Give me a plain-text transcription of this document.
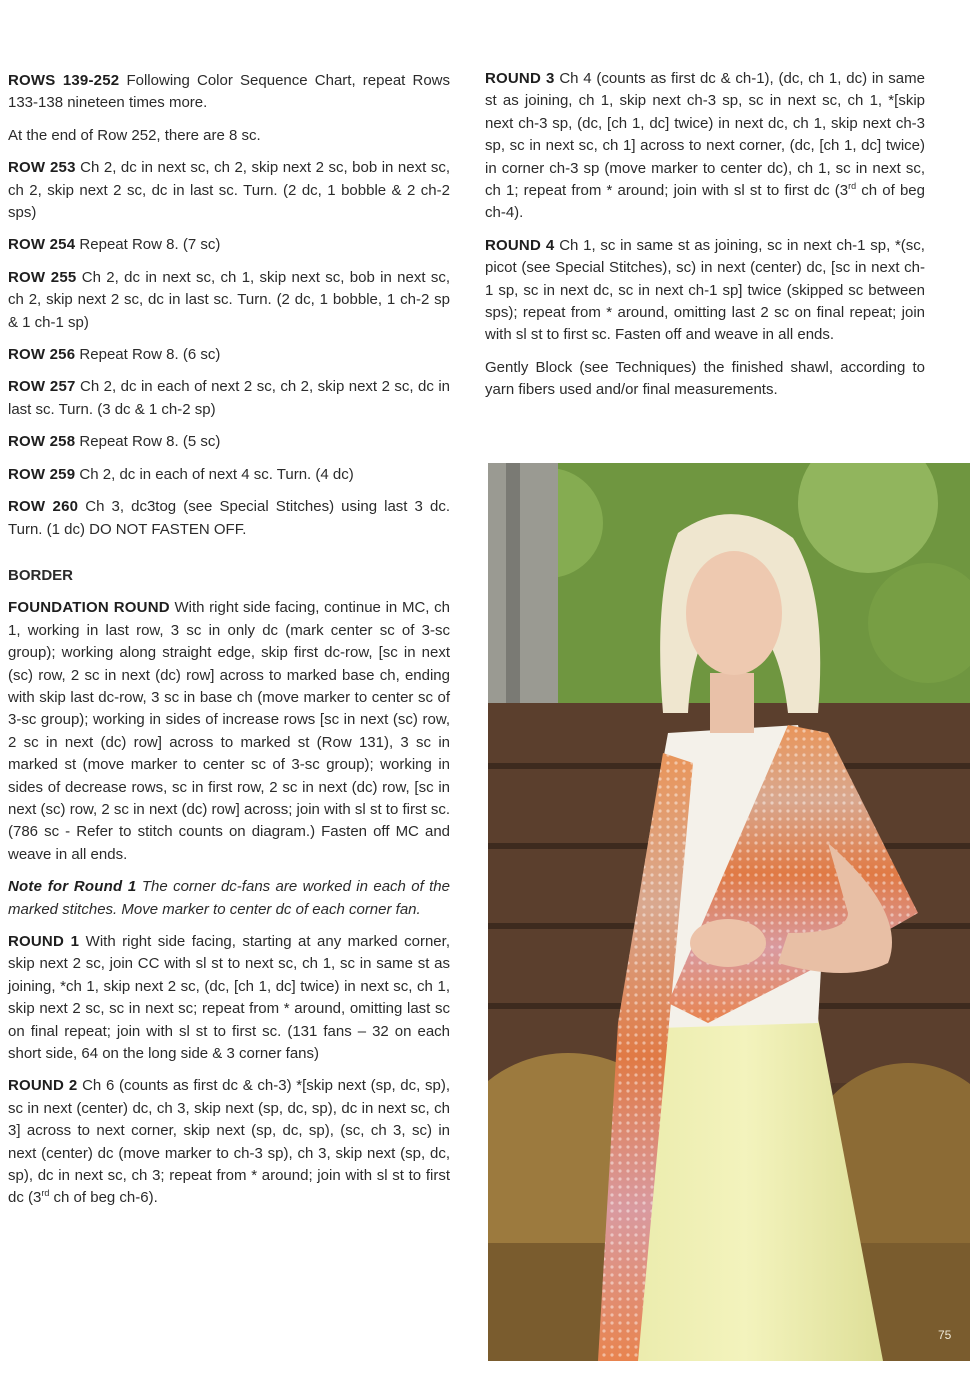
ROWS 139-252 Following Color Sequence Chart, repeat Rows 133-138 nineteen times more.

At the end of Row 252, there are 8 sc.

ROW 253 Ch 2, dc in next sc, ch 2, skip next 2 sc, bob in next sc, ch 2, skip next 2 sc, dc in last sc. Turn. (2 dc, 1 bobble & 2 ch-2 sps)

ROW 254 Repeat Row 8. (7 sc)

ROW 255 Ch 2, dc in next sc, ch 1, skip next sc, bob in next sc, ch 2, skip next 2 sc, dc in last sc. Turn. (2 dc, 1 bobble, 1 ch-2 sp & 1 ch-1 sp)

ROW 256 Repeat Row 8. (6 sc)

ROW 257 Ch 2, dc in each of next 2 sc, ch 2, skip next 2 sc, dc in last sc. Turn. (3 dc & 1 ch-2 sp)

ROW 258 Repeat Row 8. (5 sc)

ROW 259 Ch 2, dc in each of next 4 sc. Turn. (4 dc)

ROW 260 Ch 3, dc3tog (see Special Stitches) using last 3 dc. Turn. (1 dc) DO NOT FASTEN OFF.

BORDER

FOUNDATION ROUND With right side facing, continue in MC, ch 1, working in last row, 3 sc in only dc (mark center sc of 3-sc group); working along straight edge, skip first dc-row, [sc in next (sc) row, 2 sc in next (dc) row] across to marked base ch, ending with skip last dc-row, 3 sc in base ch (move marker to center sc of 3-sc group); working in sides of increase rows [sc in next (sc) row, 2 sc in next (dc) row] across to marked st (Row 131), 3 sc in marked st (move marker to center sc of 3-sc group); working in sides of decrease rows, sc in first row, 2 sc in next (dc) row, [sc in next (sc) row, 2 sc in next (dc) row] across; join with sl st to first sc. (786 sc - Refer to stitch counts on diagram.) Fasten off MC and weave in all ends.

Note for Round 1 The corner dc-fans are worked in each of the marked stitches. Move marker to center dc of each corner fan.

ROUND 1 With right side facing, starting at any marked corner, skip next 2 sc, join CC with sl st to next sc, ch 1, sc in same st as joining, *ch 1, skip next 2 sc, (dc, [ch 1, dc] twice) in next sc, ch 1, skip next 2 sc, sc in next sc; repeat from * around, omitting last sc on final repeat; join with sl st to first sc. (131 fans – 32 on each short side, 64 on the long side & 3 corner fans)

ROUND 2 Ch 6 (counts as first dc & ch-3) *[skip next (sp, dc, sp), sc in next (center) dc, ch 3, skip next (sp, dc, sp), dc in next sc, ch 3] across to next corner, skip next (sp, dc, sp), (sc, ch 3, sc) in next (center) dc (move marker to ch-3 sp), ch 3, skip next (sp, dc, sp), dc in next sc, ch 3; repeat from * around; join with sl st to first dc (3rd ch of beg ch-6).

ROUND 3 Ch 4 (counts as first dc & ch-1), (dc, ch 1, dc) in same st as joining, ch 1, skip next ch-3 sp, sc in next sc, ch 1, *[skip next ch-3 sp, (dc, [ch 1, dc] twice) in next dc, ch 1, skip next ch-3 sp, sc in next sc, ch 1] across to next corner, (dc, [ch 1, dc] twice) in corner ch-3 sp (move marker to center dc), ch 1, sc in next sc, ch 1; repeat from * around; join with sl st to first dc (3rd ch of beg ch-4).

ROUND 4 Ch 1, sc in same st as joining, sc in next ch-1 sp, *(sc, picot (see Special Stitches), sc) in next (center) dc, [sc in next ch-1 sp, sc in next dc, sc in next ch-1 sp] twice (skipped sc between sps); repeat from * around, omitting last 2 sc on final repeat; join with sl st to first sc. Fasten off and weave in all ends.

Gently Block (see Techniques) the finished shawl, according to yarn fibers used and/or final measurements.

75
